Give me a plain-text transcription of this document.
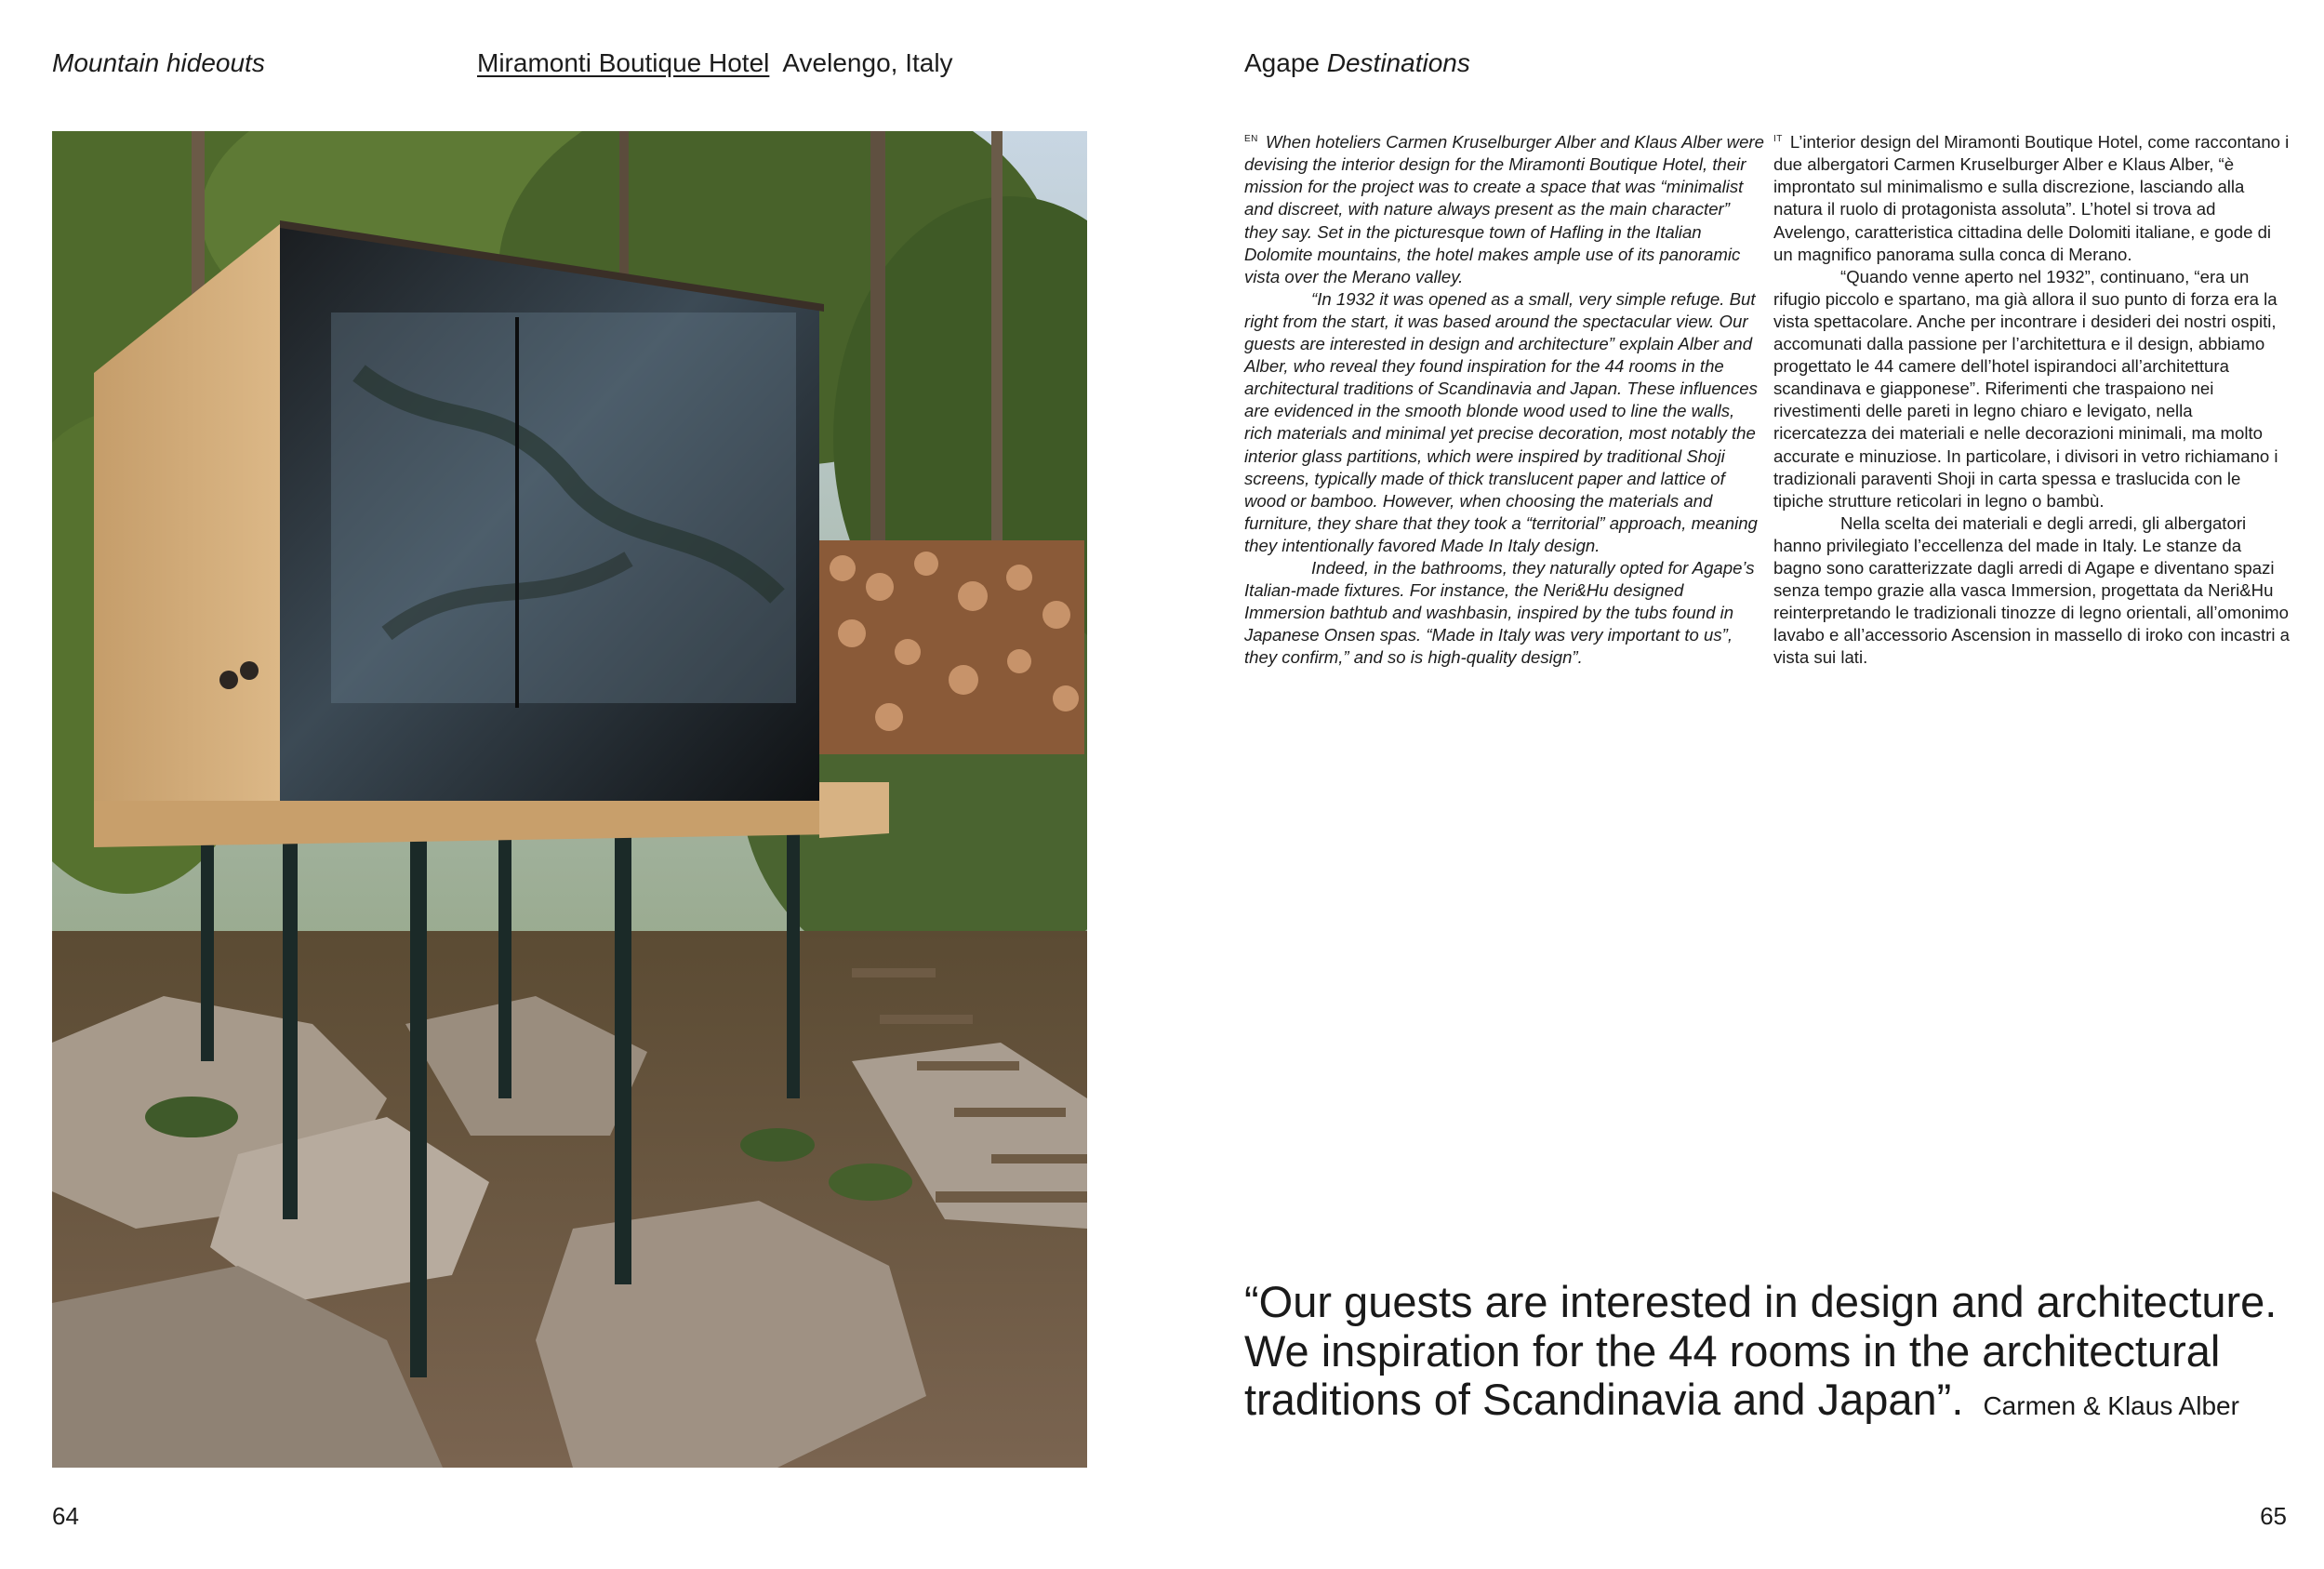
Mountain hideouts	Miramonti Boutique Hotel Avelengo, Italy	Agape Destinations

$^{EN}$ When hoteliers Carmen Kruselburger Alber and Klaus Alber were devising the interior design for the Miramonti Boutique Hotel, their mission for the project was to create a space that was “minimalist and discreet, with nature always present as the main character” they say. Set in the picturesque town of Hafling in the Italian Dolomite mountains, the hotel makes ample use of its panoramic vista over the Merano valley.

“In 1932 it was opened as a small, very simple refuge. But right from the start, it was based around the spectacular view. Our guests are interested in design and architecture” explain Alber and Alber, who reveal they found inspiration for the 44 rooms in the architectural traditions of Scandinavia and Japan. These influences are evidenced in the smooth blonde wood used to line the walls, rich materials and minimal yet precise decoration, most notably the interior glass partitions, which were inspired by traditional Shoji screens, typically made of thick translucent paper and lattice of wood or bamboo. However, when choosing the materials and furniture, they share that they took a “territorial” approach, meaning they intentionally favored Made In Italy design.

Indeed, in the bathrooms, they naturally opted for Agape’s Italian-made fixtures. For instance, the Neri&Hu designed Immersion bathtub and washbasin, inspired by the tubs found in Japanese Onsen spas. “Made in Italy was very important to us”, they confirm,” and so is high-quality design”.

$^{IT}$ L’interior design del Miramonti Boutique Hotel, come raccontano i due albergatori Carmen Kruselburger Alber e Klaus Alber, “è improntato sul minimalismo e sulla discrezione, lasciando alla natura il ruolo di protagonista assoluta”. L’hotel si trova ad Avelengo, caratteristica cittadina delle Dolomiti italiane, e gode di un magnifico panorama sulla conca di Merano.

“Quando venne aperto nel 1932”, continuano, “era un rifugio piccolo e spartano, ma già allora il suo punto di forza era la vista spettacolare. Anche per incontrare i desideri dei nostri ospiti, accomunati dalla passione per l’architettura e il design, abbiamo progettato le 44 camere dell’hotel ispirandoci all’architettura scandinava e giapponese”. Riferimenti che traspaiono nei rivestimenti delle pareti in legno chiaro e levigato, nella ricercatezza dei materiali e nelle decorazioni minimali, ma molto accurate e minuziose. In particolare, i divisori in vetro richiamano i tradizionali paraventi Shoji in carta spessa e traslucida con le tipiche strutture reticolari in legno o bambù.

Nella scelta dei materiali e degli arredi, gli albergatori hanno privilegiato l’eccellenza del made in Italy. Le stanze da bagno sono caratterizzate dagli arredi di Agape e diventano spazi senza tempo grazie alla vasca Immersion, progettata da Neri&Hu reinterpretando le tradizionali tinozze di legno orientali, all’omonimo lavabo e all’accessorio Ascension in massello di iroko con incastri a vista sui lati.

“Our guests are interested in design and architecture. We inspiration for the 44 rooms in the architectural traditions of Scandinavia and Japan”. Carmen & Klaus Alber
64	65
